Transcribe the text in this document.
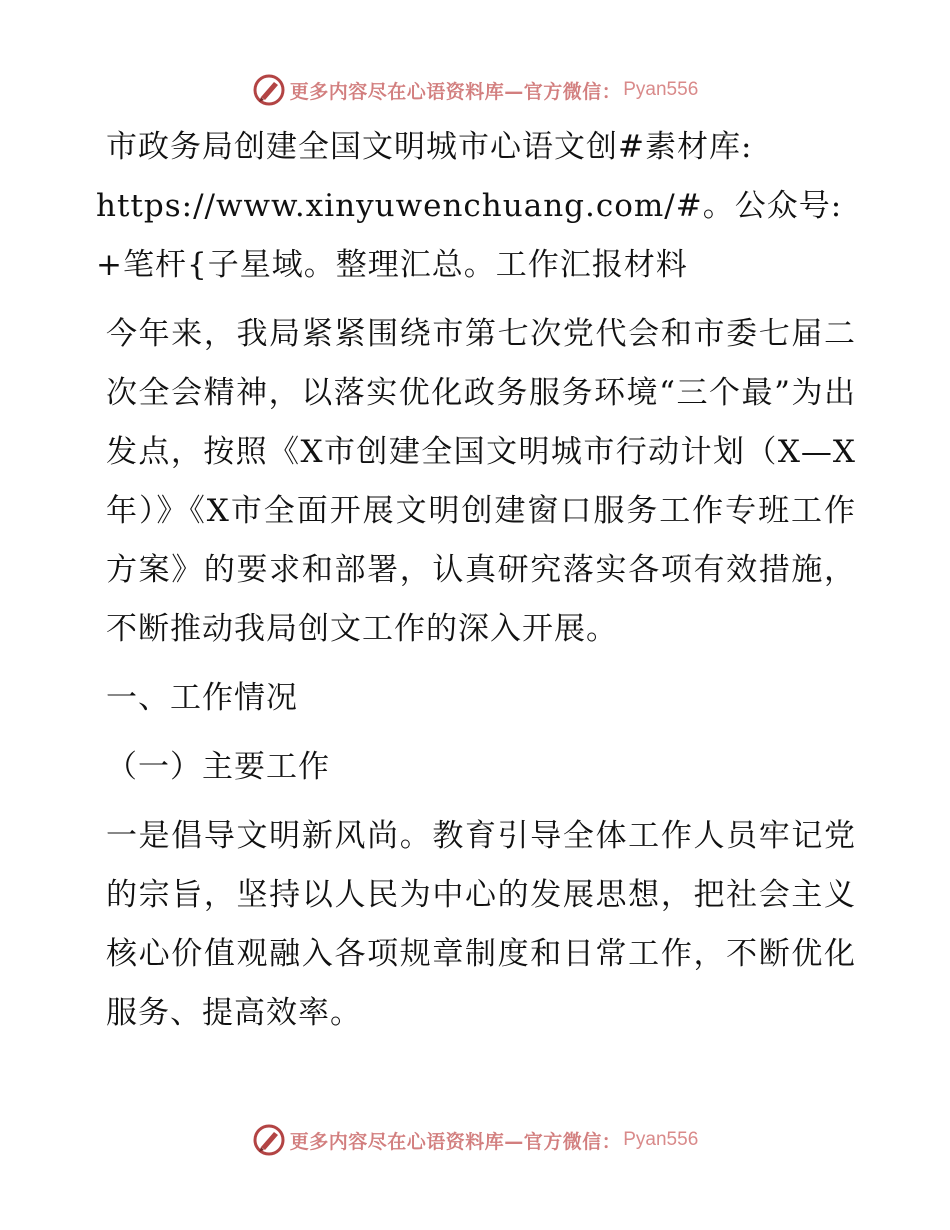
更多内容尽在心语资料库—官方微信： Pyan556

市政务局创建全国文明城市心语文创#素材库:

https://www.xinyuwenchuang.com/#。公众号:

+笔杆{子星域。整理汇总。工作汇报材料

今年来，我局紧紧围绕市第七次党代会和市委七届二次全会精神，以落实优化政务服务环境“三个最”为出发点，按照《X市创建全国文明城市行动计划（X—X年）》《X市全面开展文明创建窗口服务工作专班工作方案》的要求和部署，认真研究落实各项有效措施，不断推动我局创文工作的深入开展。

一、工作情况

（一）主要工作

一是倡导文明新风尚。教育引导全体工作人员牢记党的宗旨，坚持以人民为中心的发展思想，把社会主义核心价值观融入各项规章制度和日常工作，不断优化服务、提高效率。

更多内容尽在心语资料库—官方微信： Pyan556
